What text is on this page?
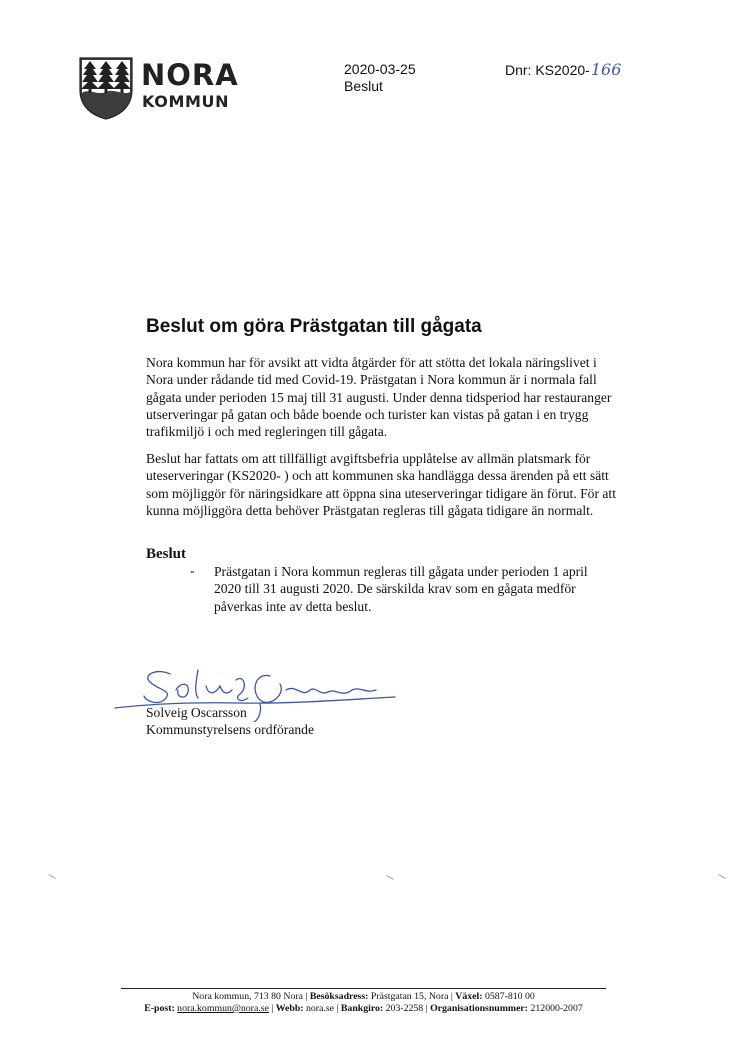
NORA
KOMMUN
2020-03-25
Beslut
Dnr: KS2020-166
Beslut om göra Prästgatan till gågata

Nora kommun har för avsikt att vidta åtgärder för att stötta det lokala näringslivet i Nora under rådande tid med Covid-19. Prästgatan i Nora kommun är i normala fall gågata under perioden 15 maj till 31 augusti. Under denna tidsperiod har restauranger utserveringar på gatan och både boende och turister kan vistas på gatan i en trygg trafikmiljö i och med regleringen till gågata.

Beslut har fattats om att tillfälligt avgiftsbefria upplåtelse av allmän platsmark för uteserveringar (KS2020- ) och att kommunen ska handlägga dessa ärenden på ett sätt som möjliggör för näringsidkare att öppna sina uteserveringar tidigare än förut. För att kunna möjliggöra detta behöver Prästgatan regleras till gågata tidigare än normalt.

Beslut
- Prästgatan i Nora kommun regleras till gågata under perioden 1 april 2020 till 31 augusti 2020. De särskilda krav som en gågata medför påverkas inte av detta beslut.

Solveig Oscarsson
Kommunstyrelsens ordförande
Nora kommun, 713 80 Nora | Besöksadress: Prästgatan 15, Nora | Växel: 0587-810 00
E-post: nora.kommun@nora.se | Webb: nora.se | Bankgiro: 203-2258 | Organisationsnummer: 212000-2007
